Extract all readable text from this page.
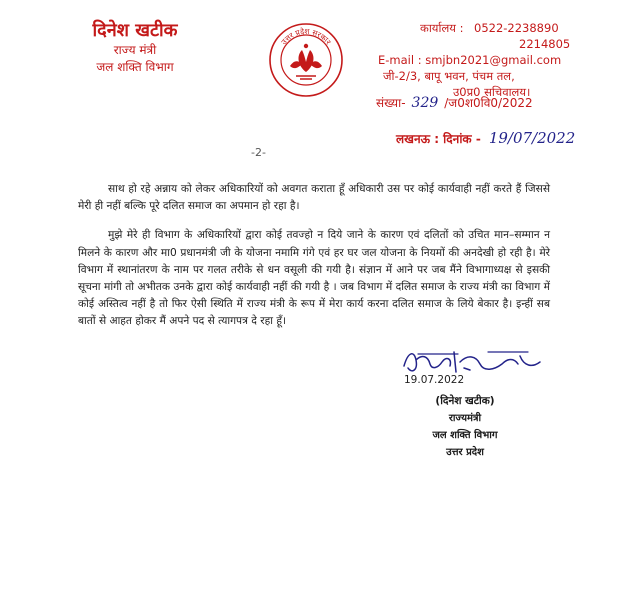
दिनेश खटीक
राज्य मंत्री
जल शक्ति विभाग
उत्तर प्रदेश सरकार
कार्यालय : 0522-2238890
2214805
E-mail : smjbn2021@gmail.com
जी-2/3, बापू भवन, पंचम तल,
उ0प्र0 सचिवालय।
संख्या- 329 /ज0श0वि0/2022
लखनऊ : दिनांक - 19/07/2022
-2-

साथ हो रहे अन्नाय को लेकर अधिकारियों को अवगत कराता हूँ अधिकारी उस पर कोई कार्यवाही नहीं करते हैं जिससे मेरी ही नहीं बल्कि पूरे दलित समाज का अपमान हो रहा है।

मुझे मेरे ही विभाग के अधिकारियों द्वारा कोई तवज्हो न दिये जाने के कारण एवं दलितों को उचित मान–सम्मान न मिलने के कारण और मा0 प्रधानमंत्री जी के योजना नमामि गंगे एवं हर घर जल योजना के नियमों की अनदेखी हो रही है। मेरे विभाग में स्थानांतरण के नाम पर गलत तरीके से धन वसूली की गयी है। संज्ञान में आने पर जब मैंने विभागाध्यक्ष से इसकी सूचना मांगी तो अभीतक उनके द्वारा कोई कार्यवाही नहीं की गयी है । जब विभाग में दलित समाज के राज्य मंत्री का विभाग में कोई अस्तित्व नहीं है तो फिर ऐसी स्थिति में राज्य मंत्री के रूप में मेरा कार्य करना दलित समाज के लिये बेकार है। इन्हीं सब बातों से आहत होकर मैं अपने पद से त्यागपत्र दे रहा हूँ।

19.07.2022
(दिनेश खटीक)
राज्यमंत्री
जल शक्ति विभाग
उत्तर प्रदेश
